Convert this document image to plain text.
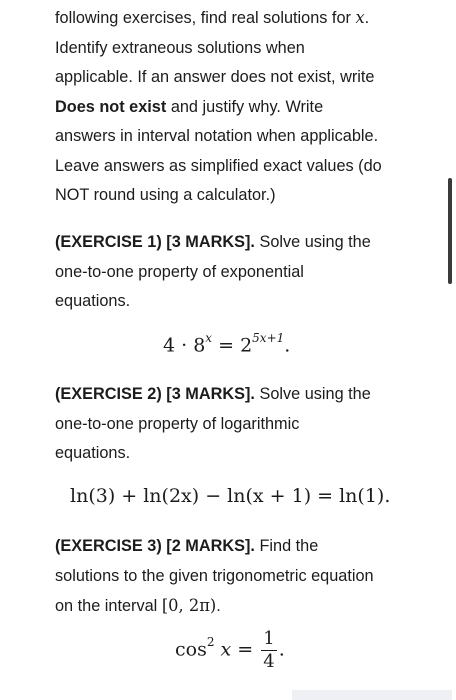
following exercises, find real solutions for x.
Identify extraneous solutions when
applicable. If an answer does not exist, write
Does not exist and justify why. Write
answers in interval notation when applicable.
Leave answers as simplified exact values (do
NOT round using a calculator.)

(EXERCISE 1) [3 MARKS]. Solve using the
one-to-one property of exponential
equations.

$4 \cdot 8^x = 2^{5x+1}$.

(EXERCISE 2) [3 MARKS]. Solve using the
one-to-one property of logarithmic
equations.

ln(3) + ln(2x) − ln(x + 1) = ln(1).

(EXERCISE 3) [2 MARKS]. Find the
solutions to the given trigonometric equation
on the interval [0, 2π).

$\cos^2 x = \frac{1}{4}$ .
